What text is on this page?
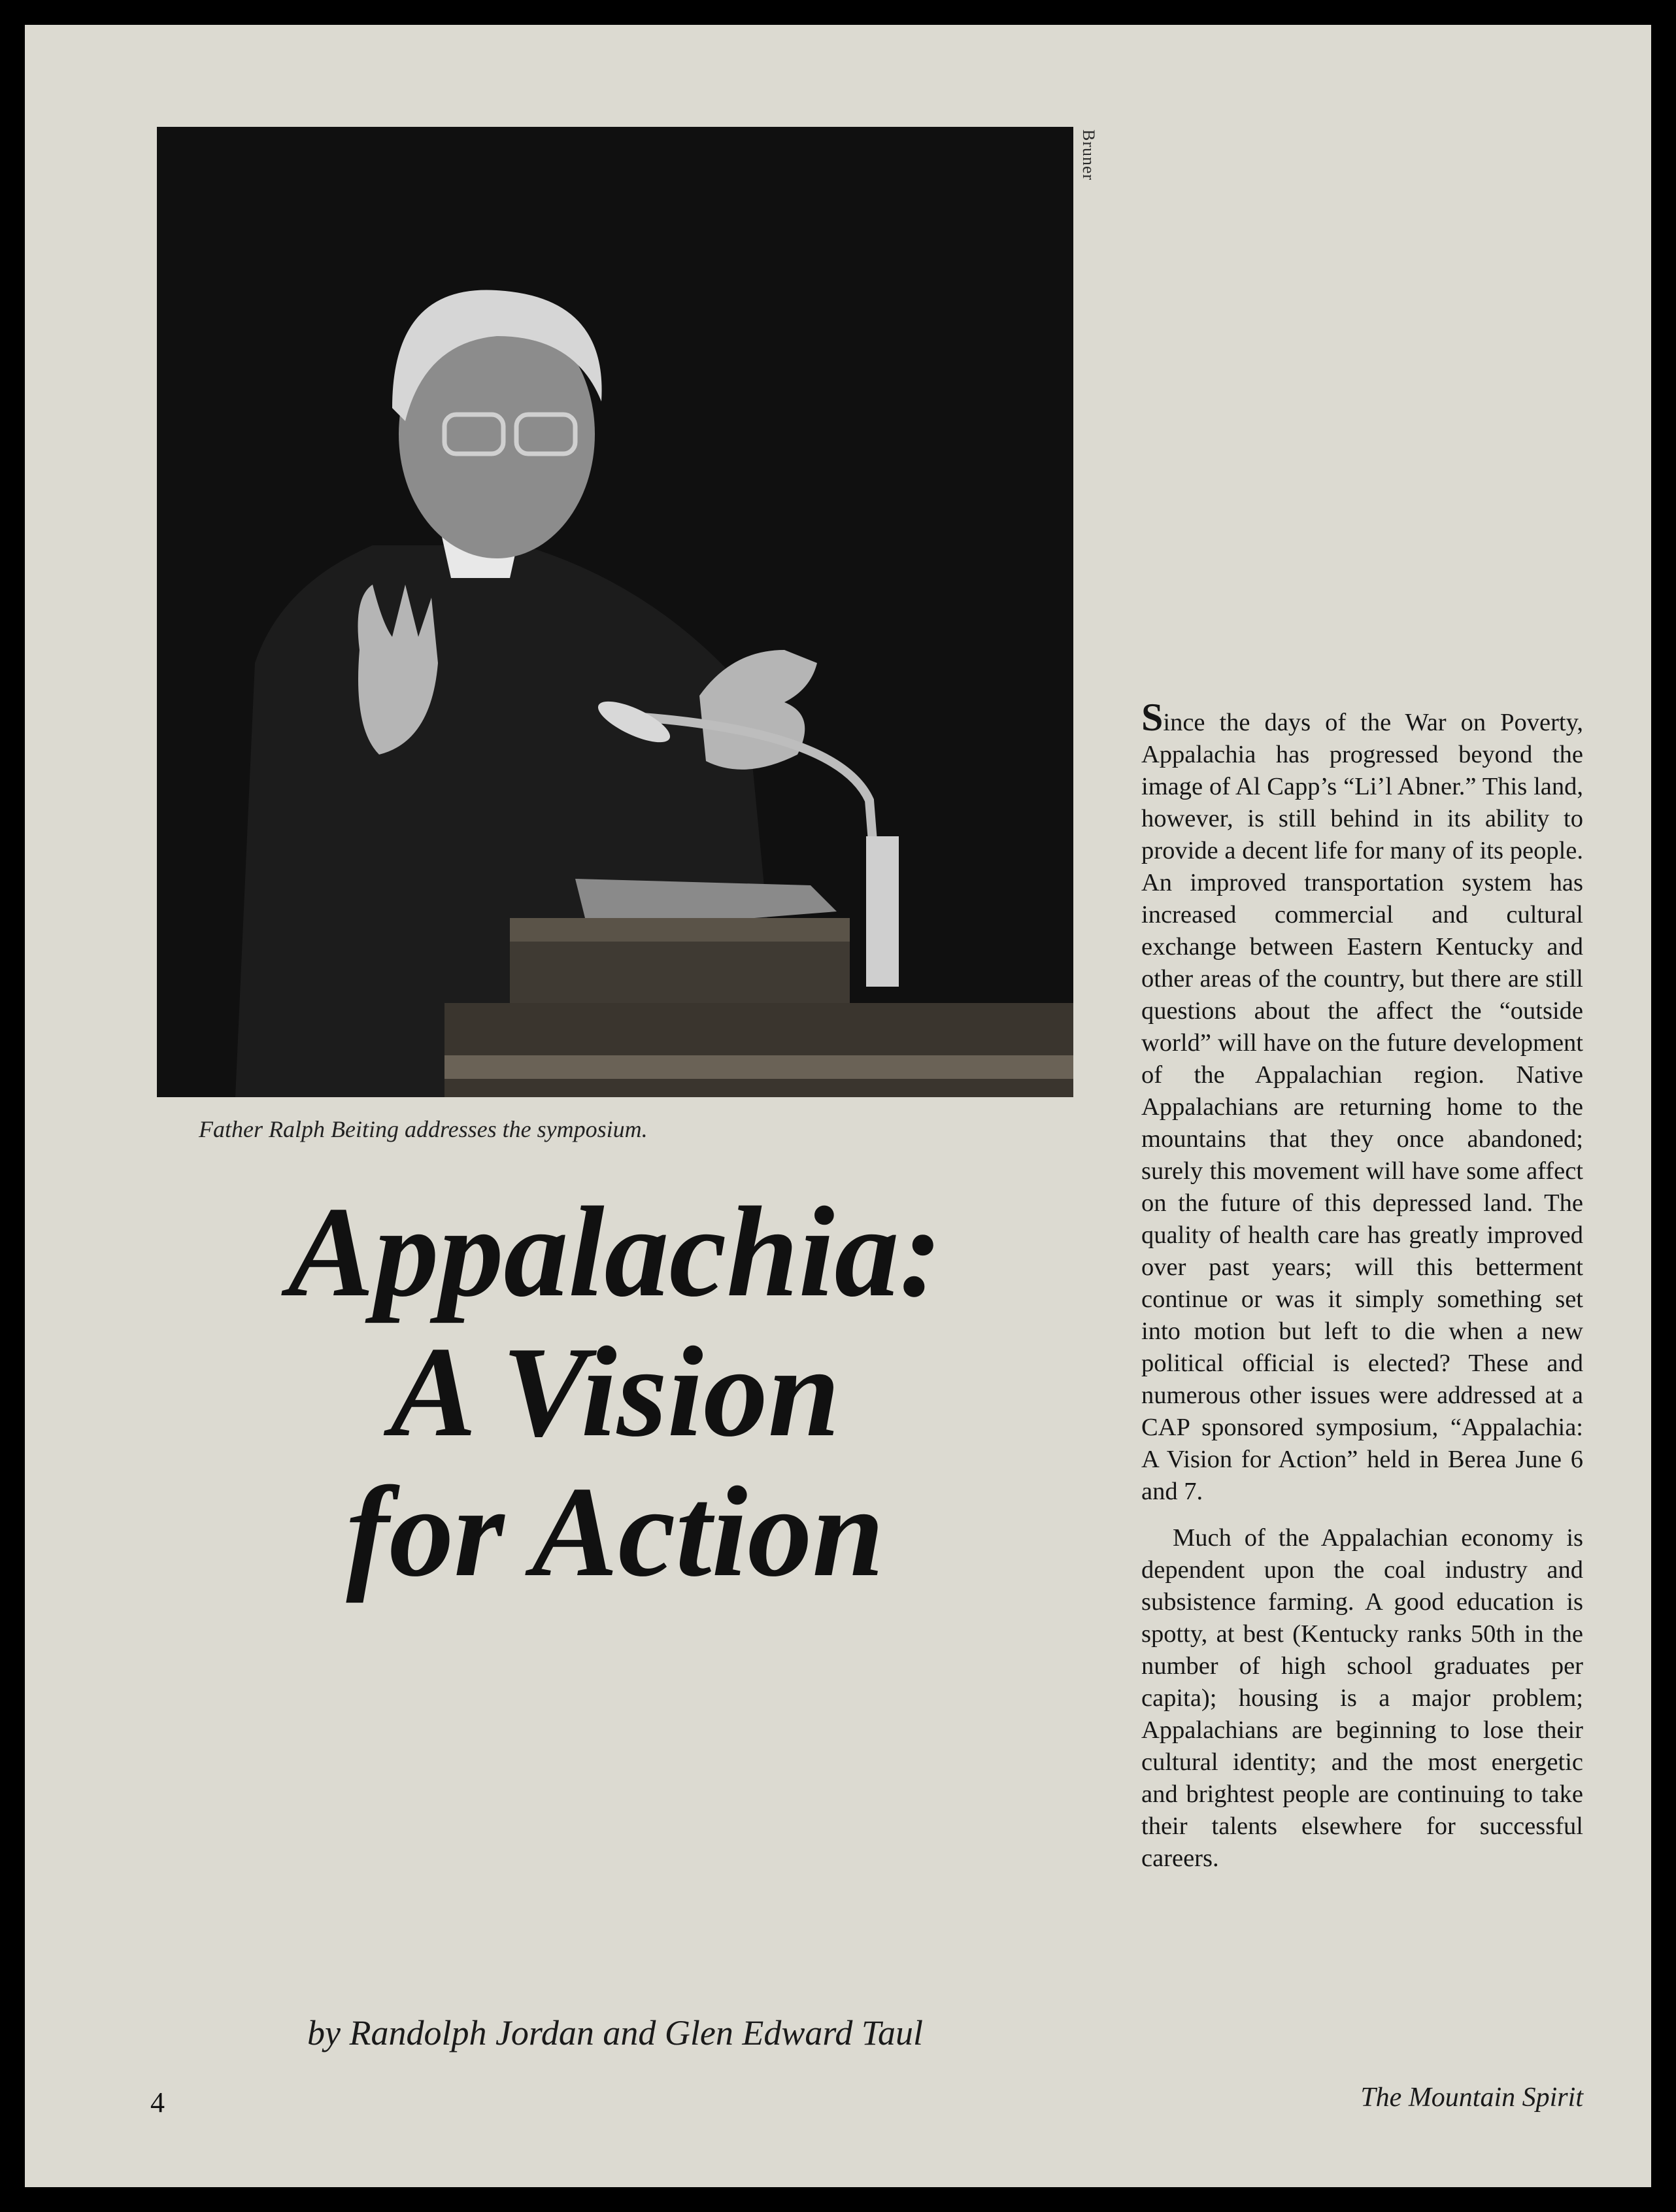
Bruner
Father Ralph Beiting addresses the symposium.
Appalachia:
A Vision
for Action
by Randolph Jordan and Glen Edward Taul

Since the days of the War on Poverty, Appalachia has progressed beyond the image of Al Capp’s “Li’l Abner.” This land, however, is still behind in its ability to provide a decent life for many of its people. An improved transportation system has increased commercial and cultural exchange between Eastern Kentucky and other areas of the country, but there are still questions about the affect the “outside world” will have on the future development of the Appalachian region. Native Appalachians are returning home to the mountains that they once abandoned; surely this movement will have some affect on the future of this depressed land. The quality of health care has greatly improved over past years; will this betterment continue or was it simply something set into motion but left to die when a new political official is elected? These and numerous other issues were addressed at a CAP sponsored symposium, “Appalachia: A Vision for Action” held in Berea June 6 and 7.

Much of the Appalachian economy is dependent upon the coal industry and subsistence farming. A good education is spotty, at best (Kentucky ranks 50th in the number of high school graduates per capita); housing is a major problem; Appalachians are beginning to lose their cultural identity; and the most energetic and brightest people are continuing to take their talents elsewhere for successful careers.

4	The Mountain Spirit
